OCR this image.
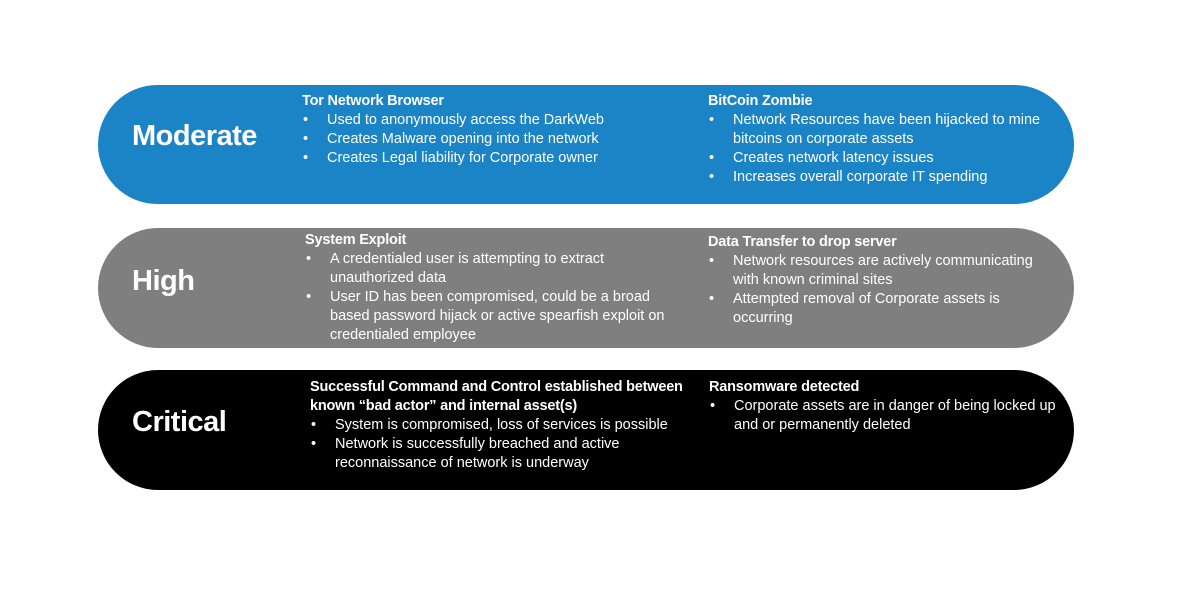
Moderate
Tor Network Browser
• Used to anonymously access the DarkWeb
• Creates Malware opening into the network
• Creates Legal liability for Corporate owner
BitCoin Zombie
• Network Resources have been hijacked to mine bitcoins on corporate assets
• Creates network latency issues
• Increases overall corporate IT spending
High
System Exploit
• A credentialed user is attempting to extract unauthorized data
• User ID has been compromised, could be a broad based password hijack or active spearfish exploit on credentialed employee
Data Transfer to drop server
• Network resources are actively communicating with known criminal sites
• Attempted removal of Corporate assets is occurring
Critical
Successful Command and Control established between known “bad actor” and internal asset(s)
• System is compromised, loss of services is possible
• Network is successfully breached and active reconnaissance of network is underway
Ransomware detected
• Corporate assets are in danger of being locked up and or permanently deleted
